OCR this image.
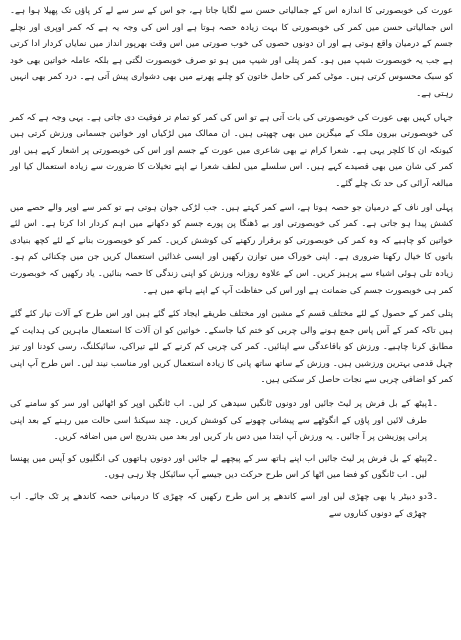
عورت کی خوبصورتی کا اندازہ اس کے جمالیاتی حسن سے لگایا جاتا ہے، جو اس کے سر سے لے کر پاؤں تک پھیلا ہوا ہے۔ اس جمالیاتی حسن میں کمر کی خوبصورتی کا بہت زیادہ حصہ ہوتا ہے اور اس کی وجہ یہ ہے کہ کمر اوپری اور نچلے جسم کے درمیان واقع ہوتی ہے اور ان دونوں حصوں کی خوب صورتی میں اس وقت بھرپور انداز میں نمایاں کردار ادا کرتی ہے جب یہ خوبصورت شیپ میں ہو۔ کمر پتلی اور شیپ میں ہو تو صرف خوبصورت لگتی ہے بلکہ عاملہ خواتین بھی خود کو سبک محسوس کرتی ہیں۔ موٹی کمر کی حامل خاتون کو چلنے پھرنے میں بھی دشواری پیش آتی ہے۔ درد کمر بھی انہیں رہتی ہے۔

جہاں کہیں بھی عورت کی خوبصورتی کی بات آتی ہے تو اس کی کمر کو تمام تر فوقیت دی جاتی ہے۔ یہی وجہ ہے کہ کمر کی خوبصورتی بیرون ملک کے میگزین میں بھی چھپتی ہیں۔ ان ممالک میں لڑکیاں اور خواتین جسمانی ورزش کرتی ہیں کیونکہ ان کا کلچر یہی ہے۔ شعرا کرام نے بھی شاعری میں عورت کے جسم اور اس کی خوبصورتی پر اشعار کہے ہیں اور کمر کی شان میں بھی قصیدے کہے ہیں۔ اس سلسلے میں لطف شعرا نے اپنے تخیلات کا ضرورت سے زیادہ استعمال کیا اور مبالغہ آرائی کی حد تک چلے گئے۔

پہلی اور ناف کے درمیان جو حصہ ہوتا ہے، اسے کمر کہتے ہیں۔ جب لڑکی جوان ہوتی ہے تو کمر سے اوپر والے حصے میں کشش پیدا ہو جاتی ہے۔ کمر کی خوبصورتی اور بے ڈھنگا پن پورے جسم کو دکھانے میں اہم کردار ادا کرتا ہے۔ اس لئے خواتین کو چاہیے کہ وہ کمر کی خوبصورتی کو برقرار رکھنے کی کوشش کریں۔ کمر کو خوبصورت بنانے کے لئے کچھ بنیادی باتوں کا خیال رکھنا ضروری ہے۔ اپنی خوراک میں توازن رکھیں اور ایسی غذائیں استعمال کریں جن میں چکنائی کم ہو۔ زیادہ تلی ہوئی اشیاء سے پرہیز کریں۔ اس کے علاوہ روزانہ ورزش کو اپنی زندگی کا حصہ بنائیں۔ یاد رکھیں کہ خوبصورت کمر ہی خوبصورت جسم کی ضمانت ہے اور اس کی حفاظت آپ کے اپنے ہاتھ میں ہے۔

پتلی کمر کے حصول کے لئے مختلف قسم کے مشین اور مختلف طریقے ایجاد کئے گئے ہیں اور اس طرح کے آلات تیار کئے گئے ہیں تاکہ کمر کے آس پاس جمع ہونے والی چربی کو ختم کیا جاسکے۔ خواتین کو ان آلات کا استعمال ماہرین کی ہدایت کے مطابق کرنا چاہیے۔ ورزش کو باقاعدگی سے اپنائیں۔ کمر کی چربی کم کرنے کے لئے تیراکی، سائیکلنگ، رسی کودنا اور تیز چہل قدمی بہترین ورزشیں ہیں۔ ورزش کے ساتھ ساتھ پانی کا زیادہ استعمال کریں اور مناسب نیند لیں۔ اس طرح آپ اپنی کمر کو اضافی چربی سے نجات حاصل کر سکتی ہیں۔

1۔

پیٹھ کے بل فرش پر لیٹ جائیں اور دونوں ٹانگیں سیدھی کر لیں۔ اب ٹانگیں اوپر کو اٹھائیں اور سر کو سامنے کی طرف لائیں اور پاؤں کے انگوٹھے سے پیشانی چھونے کی کوشش کریں۔ چند سیکنڈ اسی حالت میں رہنے کے بعد اپنی پرانی پوزیشن پر آ جائیں۔ یہ ورزش آپ ابتدا میں دس بار کریں اور بعد میں بتدریج اس میں اضافہ کریں۔

2۔

پیٹھ کے بل فرش پر لیٹ جائیں اب اپنے ہاتھ سر کے پیچھے لے جائیں اور دونوں ہاتھوں کی انگلیوں کو آپس میں پھنسا لیں۔ اب ٹانگوں کو فضا میں اٹھا کر اس طرح حرکت دیں جیسے آپ سائیکل چلا رہی ہوں۔

3۔

دو دبیٹر یا بھی چھڑی لیں اور اسے کاندھے پر اس طرح رکھیں کہ چھڑی کا درمیانی حصہ کاندھے پر ٹک جائے۔ اب چھڑی کے دونوں کناروں سے
